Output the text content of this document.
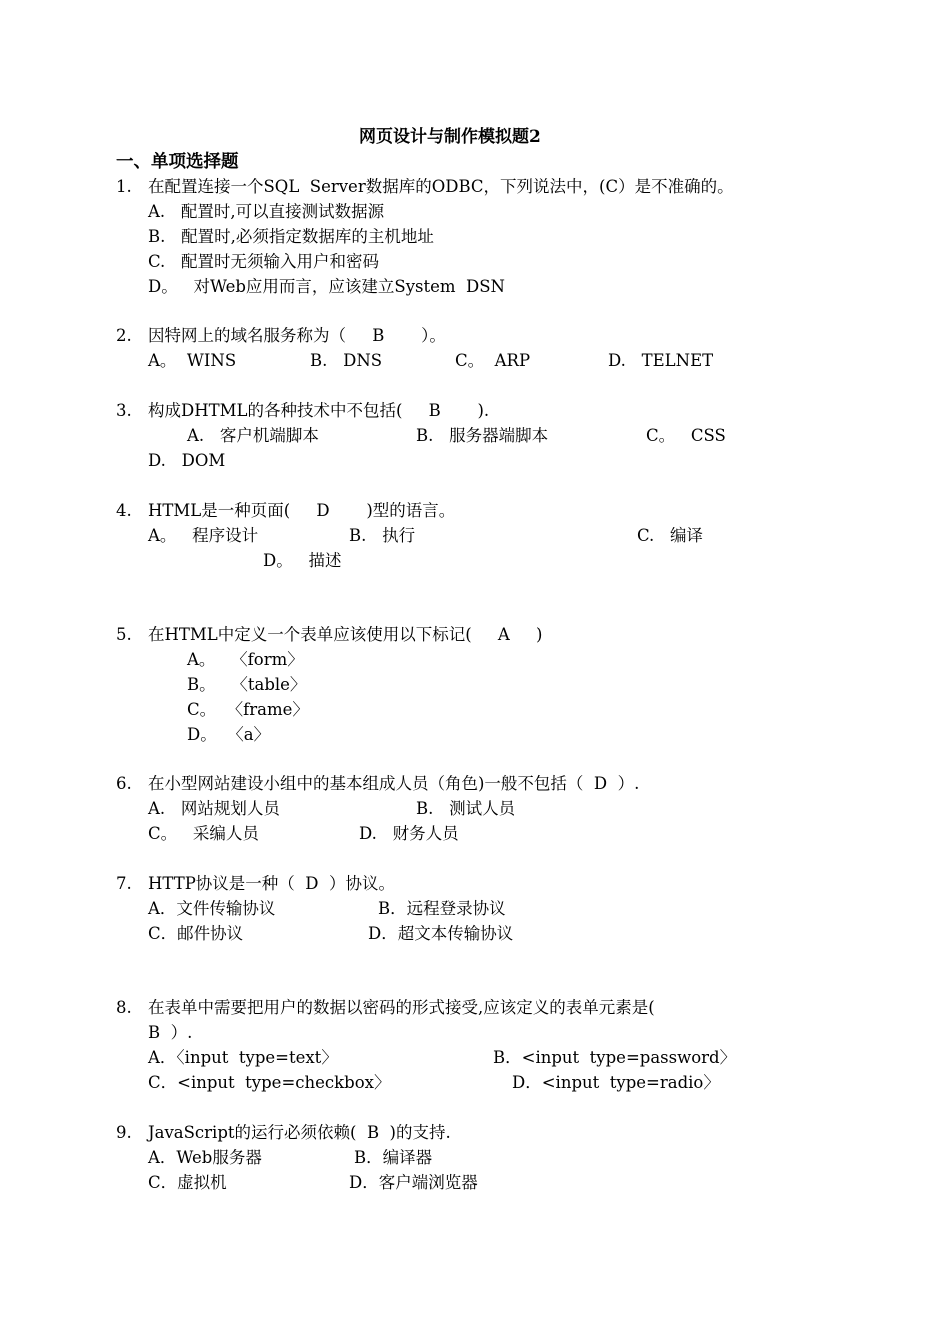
网页设计与制作模拟题2
一、单项选择题
1. 在配置连接一个SQL  Server数据库的ODBC，下列说法中，(C）是不准确的。
A.   配置时,可以直接测试数据源
B.   配置时,必须指定数据库的主机地址
C.   配置时无须输入用户和密码
D。   对Web应用而言，应该建立System  DSN
2. 因特网上的域名服务称为（     B       ）。
A。  WINS	B.   DNS	C。  ARP	D.   TELNET
3. 构成DHTML的各种技术中不包括(     B       ).
A.   客户机端脚本	B.   服务器端脚本	C。   CSS
D.   DOM
4. HTML是一种页面(     D       )型的语言。
A。   程序设计	B.   执行	C.   编译
D。   描述
5. 在HTML中定义一个表单应该使用以下标记(     A     )
A。   〈form〉
B。   〈table〉
C。  〈frame〉
D。  〈a〉
6. 在小型网站建设小组中的基本组成人员（角色)一般不包括（  D  ）.
A.   网站规划人员	B.   测试人员
C。   采编人员	D.   财务人员
7. HTTP协议是一种（  D  ）协议。
A．文件传输协议	B．远程登录协议
C．邮件协议	D．超文本传输协议
8. 在表单中需要把用户的数据以密码的形式接受,应该定义的表单元素是(
B  ）.
A．〈input  type=text〉	B．<input  type=password〉
C．<input  type=checkbox〉	D．<input  type=radio〉
9. JavaScript的运行必须依赖(  B  )的支持.
A．Web服务器	B．编译器
C．虚拟机	D．客户端浏览器
